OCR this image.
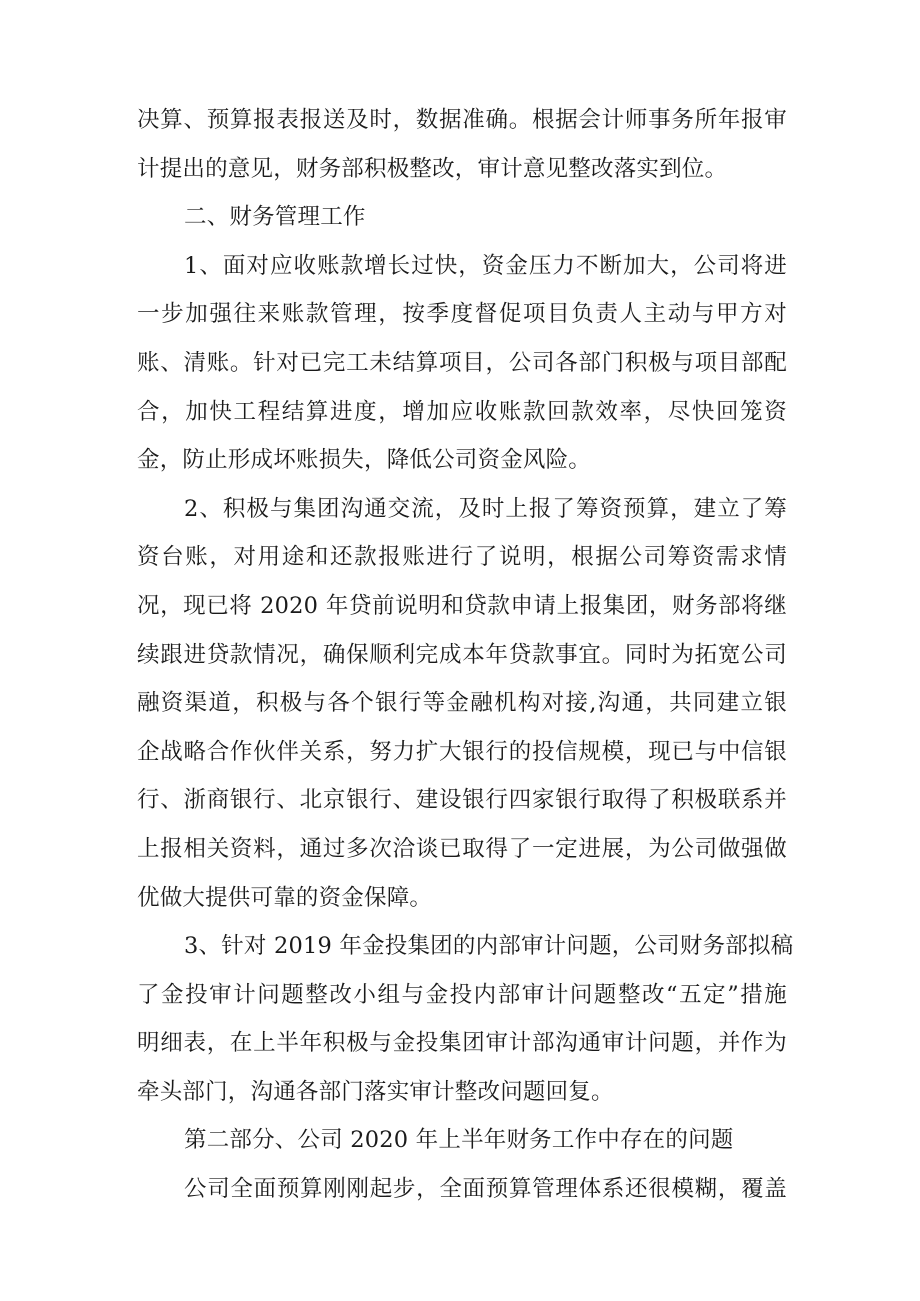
决算、预算报表报送及时，数据准确。根据会计师事务所年报审
计提出的意见，财务部积极整改，审计意见整改落实到位。
二、财务管理工作
1、面对应收账款增长过快，资金压力不断加大，公司将进
一步加强往来账款管理，按季度督促项目负责人主动与甲方对
账、清账。针对已完工未结算项目，公司各部门积极与项目部配
合，加快工程结算进度，增加应收账款回款效率，尽快回笼资
金，防止形成坏账损失，降低公司资金风险。
2、积极与集团沟通交流，及时上报了筹资预算，建立了筹
资台账，对用途和还款报账进行了说明，根据公司筹资需求情
况，现已将 2020 年贷前说明和贷款申请上报集团，财务部将继
续跟进贷款情况，确保顺利完成本年贷款事宜。同时为拓宽公司
融资渠道，积极与各个银行等金融机构对接,沟通，共同建立银
企战略合作伙伴关系，努力扩大银行的投信规模，现已与中信银
行、浙商银行、北京银行、建设银行四家银行取得了积极联系并
上报相关资料，通过多次洽谈已取得了一定进展，为公司做强做
优做大提供可靠的资金保障。
3、针对 2019 年金投集团的内部审计问题，公司财务部拟稿
了金投审计问题整改小组与金投内部审计问题整改“五定”措施
明细表，在上半年积极与金投集团审计部沟通审计问题，并作为
牵头部门，沟通各部门落实审计整改问题回复。
第二部分、公司 2020 年上半年财务工作中存在的问题
公司全面预算刚刚起步，全面预算管理体系还很模糊，覆盖
